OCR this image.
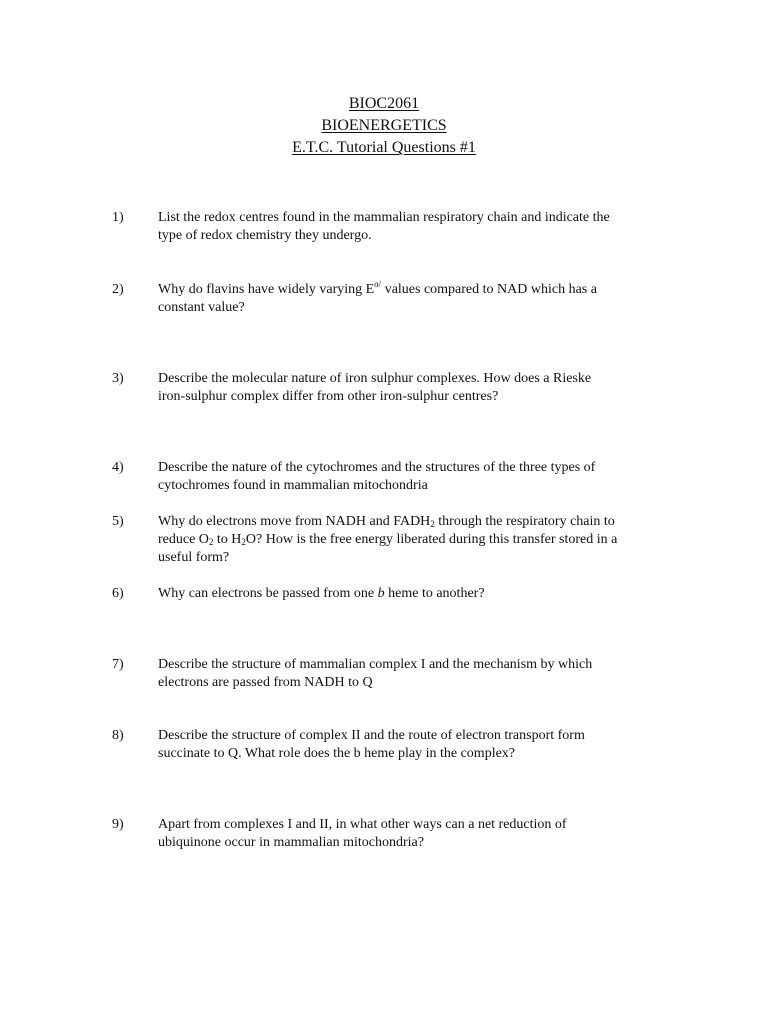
BIOC2061
BIOENERGETICS
E.T.C. Tutorial Questions #1
1)	List the redox centres found in the mammalian respiratory chain and indicate the
type of redox chemistry they undergo.
2)	Why do flavins have widely varying $E^{o/}$ values compared to NAD which has a
constant value?
3)	Describe the molecular nature of iron sulphur complexes. How does a Rieske
iron-sulphur complex differ from other iron-sulphur centres?
4)	Describe the nature of the cytochromes and the structures of the three types of
cytochromes found in mammalian mitochondria
5)	Why do electrons move from NADH and $FADH_2$ through the respiratory chain to
reduce $O_2$ to $H_2O$? How is the free energy liberated during this transfer stored in a
useful form?
6)	Why can electrons be passed from one b heme to another?
7)	Describe the structure of mammalian complex I and the mechanism by which
electrons are passed from NADH to Q
8)	Describe the structure of complex II and the route of electron transport form
succinate to Q. What role does the b heme play in the complex?
9)	Apart from complexes I and II, in what other ways can a net reduction of
ubiquinone occur in mammalian mitochondria?
